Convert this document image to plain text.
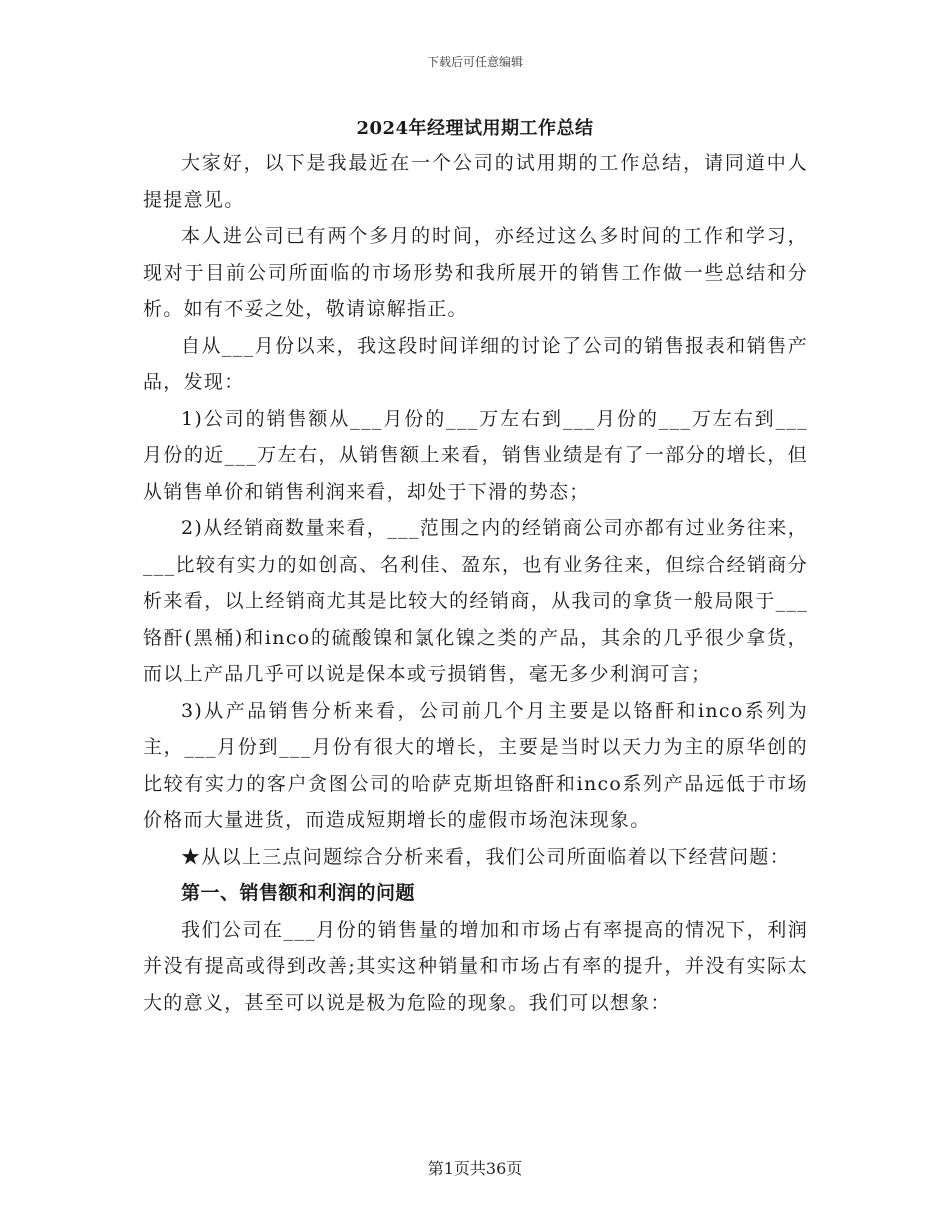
下载后可任意编辑
2024年经理试用期工作总结

大家好，以下是我最近在一个公司的试用期的工作总结，请同道中人提提意见。

本人进公司已有两个多月的时间，亦经过这么多时间的工作和学习，现对于目前公司所面临的市场形势和我所展开的销售工作做一些总结和分析。如有不妥之处，敬请谅解指正。

自从___月份以来，我这段时间详细的讨论了公司的销售报表和销售产品，发现：

1)公司的销售额从___月份的___万左右到___月份的___万左右到___月份的近___万左右，从销售额上来看，销售业绩是有了一部分的增长，但从销售单价和销售利润来看，却处于下滑的势态；

2)从经销商数量来看，___范围之内的经销商公司亦都有过业务往来，___比较有实力的如创高、名利佳、盈东，也有业务往来，但综合经销商分析来看，以上经销商尤其是比较大的经销商，从我司的拿货一般局限于___铬酐(黑桶)和inco的硫酸镍和氯化镍之类的产品，其余的几乎很少拿货，而以上产品几乎可以说是保本或亏损销售，毫无多少利润可言；

3)从产品销售分析来看，公司前几个月主要是以铬酐和inco系列为主，___月份到___月份有很大的增长，主要是当时以天力为主的原华创的比较有实力的客户贪图公司的哈萨克斯坦铬酐和inco系列产品远低于市场价格而大量进货，而造成短期增长的虚假市场泡沫现象。

★从以上三点问题综合分析来看，我们公司所面临着以下经营问题：

第一、销售额和利润的问题

我们公司在___月份的销售量的增加和市场占有率提高的情况下，利润并没有提高或得到改善;其实这种销量和市场占有率的提升，并没有实际太大的意义，甚至可以说是极为危险的现象。我们可以想象：

第1页共36页
